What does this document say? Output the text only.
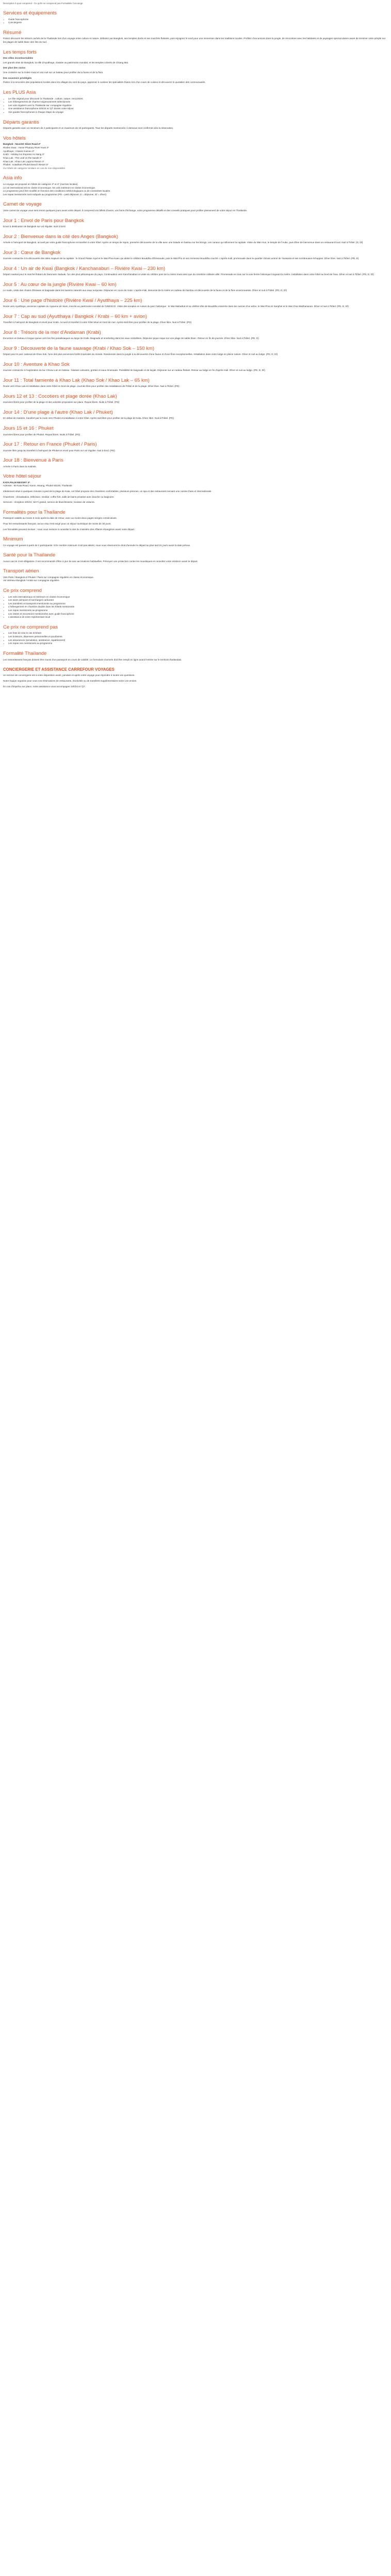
Description à quoi comprend - Ce qu'ils ne comprend pas Formalités Concierge
Services et équipements
• Guide francophone
• Conciergerie
Résumé

Partez découvrir les trésors cachés de la Thaïlande lors d'un voyage entre culture et nature. Débutez par Bangkok, ses temples dorés et ses marchés flottants, puis rejoignez le nord pour une immersion dans les traditions locales. Profitez d'excursions dans la jungle, de rencontres avec les habitants et de paysages spectaculaires avant de terminer votre périple sur les plages de sable blanc des îles du sud.

Les temps forts
Des villes incontournables

Les grands sites de Bangkok, la ville d'Ayutthaya, classée au patrimoine mondial, et les temples colorés de Chiang Mai.

Des plus des ravins

Une croisière sur la rivière Kwai et une nuit sur un bateau pour profiter de la faune et de la flore.

Des souvenirs privilégiés

Partez à la rencontre des populations locales dans les villages du nord du pays, apprenez à cuisiner les spécialités thaïes lors d'un cours de cuisine et découvrez le quotidien des communautés.

Les PLUS Asia
• Le rôle original pour découvrir la Thaïlande : culture, nature, rencontres
• Les hébergements de charme soigneusement sélectionnés
• Les vols réguliers vers la Thaïlande sur compagnie régulière
• Une assistance francophone 24h/24 et 7j/7 durant votre séjour
• Vos guides francophones à chaque étape du voyage
Départs garantis

Départs garantis avec un minimum de 2 participants et un maximum de 16 participants. Tous les départs mentionnés ci-dessous sont confirmés dès la réservation.

Vos hôtels
Bangkok : Novotel Silom Road 4*
Rivière Kwai : Home Phutoey River Kwai 3*
Ayutthaya : Classic Kameo 3*
Krabi : Holiday Inn Express Ao Nang 3*
Khao Lak : The Leaf on the Sands 4*
Khao Lak : Khao Lak Laguna Resort 4*
Phuket : Katathani Phuket Beach Resort 5*

Ou hôtels de catégorie similaire en cas de non-disponibilité.

Asia info
Le voyage est proposé en hôtels de catégorie 3* et 4* (normes locales).
Le vol international est en classe économique, les vols intérieurs en classe économique.
Le programme peut être modifié en fonction des conditions météorologiques ou de contraintes locales.

Les repas mentionnés sont indiqués au programme (PD = petit déjeuner, D = déjeuner, Dî = dîner).

Carnet de voyage

Votre carnet de voyage vous sera remis quelques jours avant votre départ. Il comprend vos billets d'avion, vos bons d'échange, votre programme détaillé et des conseils pratiques pour profiter pleinement de votre séjour en Thaïlande.

Jour 1 : Envol de Paris pour Bangkok

Envol à destination de Bangkok sur vol régulier. Nuit à bord.

Jour 2 : Bienvenue dans la cité des Anges (Bangkok)

Arrivée à l'aéroport de Bangkok, accueil par votre guide francophone et transfert à votre hôtel. Après un temps de repos, première découverte de la ville avec une balade en bateau sur les klongs, ces canaux qui sillonnent la capitale. Visite du Wat Arun, le temple de l'Aube, puis dîner de bienvenue dans un restaurant local. Nuit à l'hôtel. (D, Dî)

Jour 3 : Cœur de Bangkok

Journée consacrée à la découverte des sites majeurs de la capitale : le Grand Palais royal et le Wat Phra Kaeo qui abrite le célèbre Bouddha d'Émeraude, puis le Wat Pho et son immense Bouddha couché. L'après-midi, promenade dans le quartier chinois animé de Yaowarat et ses nombreuses échoppes. Dîner libre. Nuit à l'hôtel. (PD, D)

Jour 4 : Un air de Kwaï (Bangkok / Kanchanaburi – Rivière Kwai – 230 km)

Départ matinal pour le marché flottant de Damnoen Saduak, l'un des plus pittoresques du pays. Continuation vers Kanchanaburi et visite du célèbre pont de la rivière Kwai ainsi que du cimetière militaire allié. Promenade en train sur la voie ferrée historique longeant la rivière. Installation dans votre hôtel au bord de l'eau. Dîner et nuit à l'hôtel. (PD, D, Dî)

Jour 5 : Au cœur de la jungle (Rivière Kwai – 60 km)

Le matin, visite des chutes d'Erawan et baignade dans les bassins naturels aux eaux turquoise. Déjeuner en cours de route. L'après-midi, descente de la rivière en radeau de bambou et découverte de la faune et de la flore environnantes. Dîner et nuit à l'hôtel. (PD, D, Dî)

Jour 6 : Une page d'histoire (Rivière Kwaï / Ayutthaya – 225 km)

Route vers Ayutthaya, ancienne capitale du royaume de Siam, inscrite au patrimoine mondial de l'UNESCO. Visite des temples en ruines du parc historique : le Wat Mahathat et sa célèbre tête de Bouddha enserrée dans les racines d'un arbre, le Wat Phra Si Sanphet et le Wat Chai Watthanaram. Dîner et nuit à l'hôtel. (PD, D, Dî)

Jour 7 : Cap au sud (Ayutthaya / Bangkok / Krabi – 60 km + avion)

Transfert à l'aéroport de Bangkok et envol pour Krabi. Accueil et transfert à votre hôtel situé en bord de mer. Après-midi libre pour profiter de la plage. Dîner libre. Nuit à l'hôtel. (PD)

Jour 8 : Trésors de la mer d'Andaman (Krabi)

Excursion en bateau à longue queue vers les îles paradisiaques au large de Krabi. Baignade et snorkeling dans les eaux cristallines. Déjeuner pique-nique sur une plage de sable blanc. Retour en fin de journée. Dîner libre. Nuit à l'hôtel. (PD, D)

Jour 9 : Découverte de la faune sauvage (Krabi / Khao Sok – 150 km)

Départ pour le parc national de Khao Sok, l'une des plus anciennes forêts tropicales du monde. Randonnée dans la jungle à la découverte d'une faune et d'une flore exceptionnelles. Installation dans votre lodge en pleine nature. Dîner et nuit au lodge. (PD, D, Dî)

Jour 10 : Aventure à Khao Sok

Journée consacrée à l'exploration du lac Cheow Lan en bateau : falaises calcaires, grottes et eaux émeraude. Possibilité de baignade et de kayak. Déjeuner sur un radeau flottant. Retour au lodge en fin d'après-midi. Dîner et nuit au lodge. (PD, D, Dî)

Jour 11 : Total farniente à Khao Lak (Khao Sok / Khao Lak – 65 km)

Route vers Khao Lak et installation dans votre hôtel en bord de plage. Journée libre pour profiter des installations de l'hôtel et de la plage. Dîner libre. Nuit à l'hôtel. (PD)

Jours 12 et 13 : Cocotiers et plage dorée (Khao Lak)

Journées libres pour profiter de la plage et des activités proposées sur place. Repas libres. Nuits à l'hôtel. (PD)

Jour 14 : D'une plage à l'autre (Khao Lak / Phuket)

En début de matinée, transfert par la route vers Phuket et installation à votre hôtel. Après-midi libre pour profiter de la plage de Kata. Dîner libre. Nuit à l'hôtel. (PD)

Jours 15 et 16 : Phuket

Journées libres pour profiter de Phuket. Repas libres. Nuits à l'hôtel. (PD)

Jour 17 : Retour en France (Phuket / Paris)

Journée libre jusqu'au transfert à l'aéroport de Phuket et envol pour Paris sur vol régulier. Nuit à bord. (PD)

Jour 18 : Bienvenue à Paris

Arrivée à Paris dans la matinée.

Votre hôtel séjour
KATA PALM RESORT 4*

Adresse : 60 Kata Road, Karon, Muang, Phuket 83100, Thaïlande

Idéalement situé à quelques minutes à pied de la plage de Kata, cet hôtel propose des chambres confortables, plusieurs piscines, un spa et des restaurants servant une cuisine thaïe et internationale.

Chambres : climatisation, télévision, minibar, coffre-fort, salle de bains privative avec douche ou baignoire.

Services : réception 24h/24, Wi-Fi gratuit, service de blanchisserie, location de voitures.

Formalités pour la Thaïlande

Passeport valable au moins 6 mois après la date de retour, avec au moins deux pages vierges consécutives.

Pour les ressortissants français, aucun visa n'est exigé pour un séjour touristique de moins de 30 jours.

Les formalités peuvent évoluer : nous vous invitons à consulter le site du ministère des Affaires étrangères avant votre départ.

Minimum

Ce voyage est garanti à partir de 2 participants. Si le nombre minimum n'est pas atteint, nous nous réservons le droit d'annuler le départ au plus tard 21 jours avant la date prévue.

Santé pour la Thaïlande

Aucun vaccin n'est obligatoire. Il est recommandé d'être à jour de ses vaccinations habituelles. Prévoyez une protection contre les moustiques et consultez votre médecin avant le départ.

Transport aérien
Vols Paris / Bangkok et Phuket / Paris sur compagnie régulière en classe économique.

Vol intérieur Bangkok / Krabi sur compagnie régulière.

Ce prix comprend
• Les vols internationaux et intérieurs en classe économique
• Les taxes aéroport et surcharges carburant
• Les transferts et transports mentionnés au programme
• L'hébergement en chambre double dans les hôtels mentionnés
• Les repas mentionnés au programme
• Les visites et excursions mentionnées avec guide francophone
• L'assistance de notre représentant local
Ce prix ne comprend pas
• Les frais de visa le cas échéant
• Les boissons, dépenses personnelles et pourboires
• Les assurances (annulation, assistance, rapatriement)
• Les repas non mentionnés au programme
Formalité Thaïlande

Les ressortissants français doivent être munis d'un passeport en cours de validité. Le formulaire d'arrivée doit être rempli en ligne avant l'entrée sur le territoire thaïlandais.

CONCIERGERIE ET ASSISTANCE CARREFOUR VOYAGES

Un service de conciergerie est à votre disposition avant, pendant et après votre voyage pour répondre à toutes vos questions.

Notre équipe organise pour vous vos réservations de restaurants, d'activités ou de transferts supplémentaires selon vos envies.

En cas d'imprévu sur place, notre assistance vous accompagne 24h/24 et 7j/7.
